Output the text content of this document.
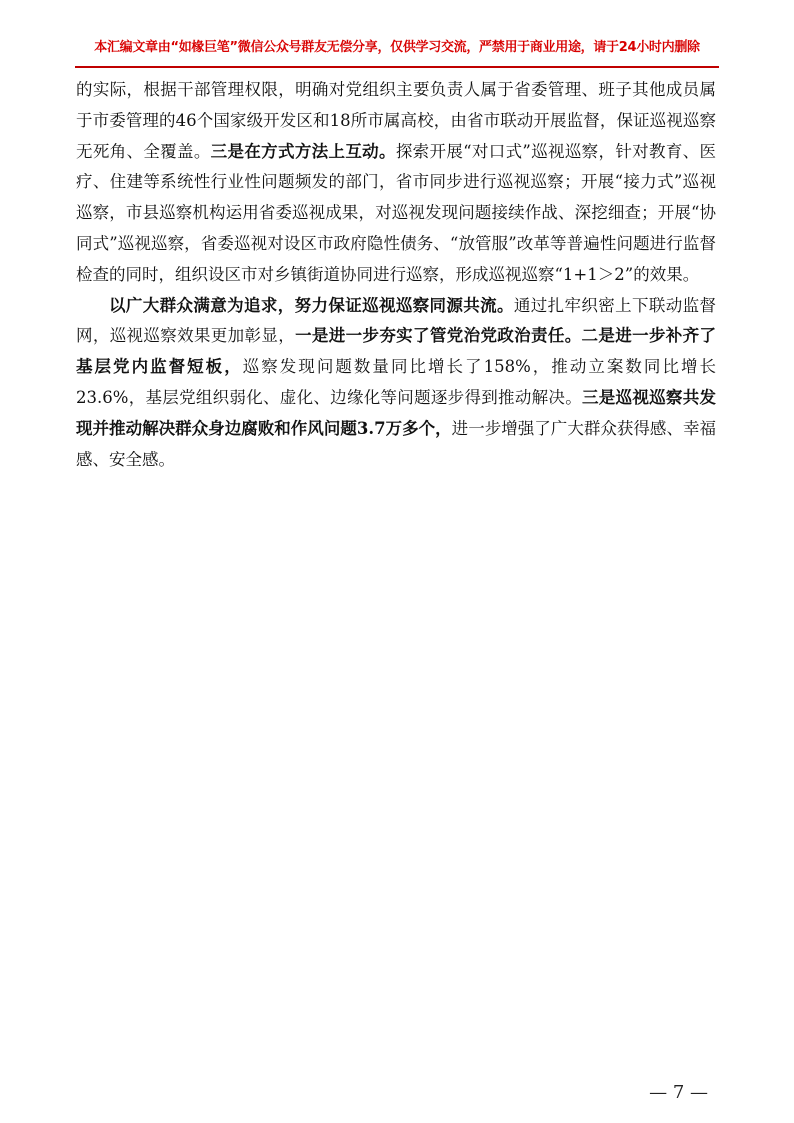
本汇编文章由“如椽巨笔”微信公众号群友无偿分享，仅供学习交流，严禁用于商业用途，请于24小时内删除

的实际，根据干部管理权限，明确对党组织主要负责人属于省委管理、班子其他成员属于市委管理的46个国家级开发区和18所市属高校，由省市联动开展监督，保证巡视巡察无死角、全覆盖。三是在方式方法上互动。探索开展“对口式”巡视巡察，针对教育、医疗、住建等系统性行业性问题频发的部门，省市同步进行巡视巡察；开展“接力式”巡视巡察，市县巡察机构运用省委巡视成果，对巡视发现问题接续作战、深挖细查；开展“协同式”巡视巡察，省委巡视对设区市政府隐性债务、“放管服”改革等普遍性问题进行监督检查的同时，组织设区市对乡镇街道协同进行巡察，形成巡视巡察“1+1＞2”的效果。

以广大群众满意为追求，努力保证巡视巡察同源共流。通过扎牢织密上下联动监督网，巡视巡察效果更加彰显，一是进一步夯实了管党治党政治责任。二是进一步补齐了基层党内监督短板，巡察发现问题数量同比增长了158%，推动立案数同比增长23.6%，基层党组织弱化、虚化、边缘化等问题逐步得到推动解决。三是巡视巡察共发现并推动解决群众身边腐败和作风问题3.7万多个，进一步增强了广大群众获得感、幸福感、安全感。

— 7 —
